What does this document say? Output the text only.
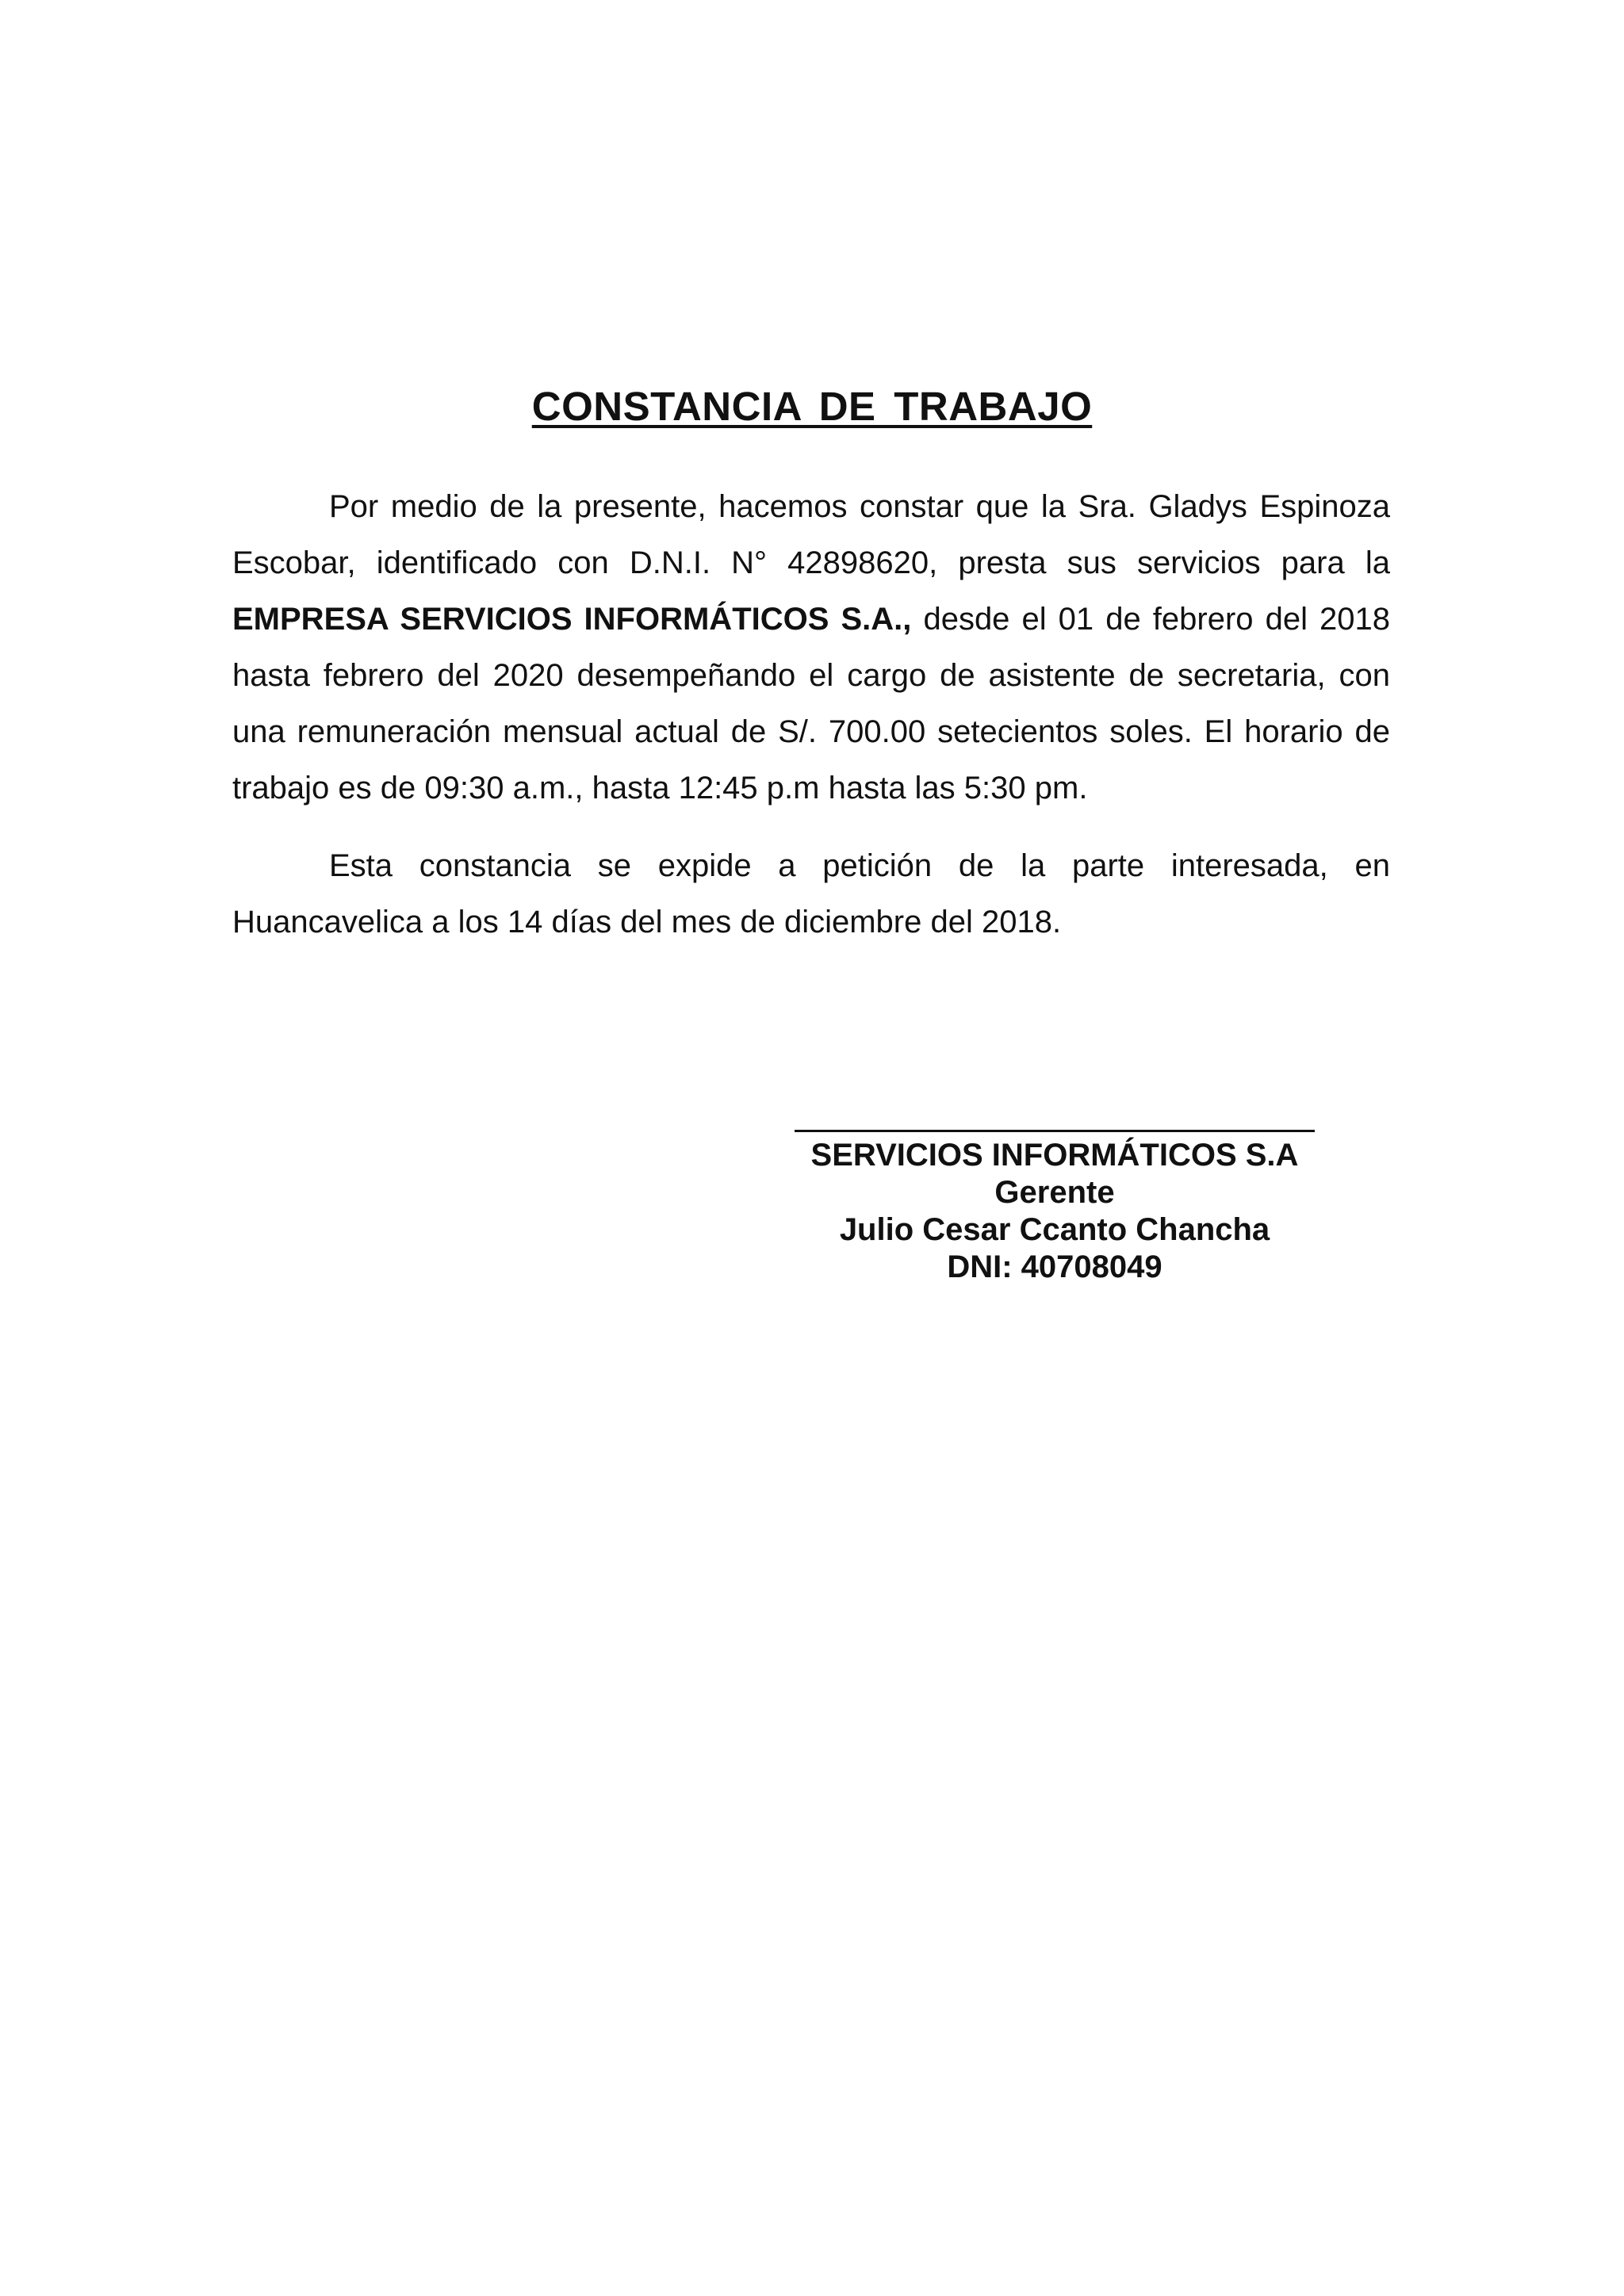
CONSTANCIA DE TRABAJO

Por medio de la presente, hacemos constar que la Sra. Gladys Espinoza Escobar, identificado con D.N.I. N° 42898620, presta sus servicios para la EMPRESA SERVICIOS INFORMÁTICOS S.A., desde el 01 de febrero del 2018 hasta febrero del 2020 desempeñando el cargo de asistente de secretaria, con una remuneración mensual actual de S/. 700.00 setecientos soles. El horario de trabajo es de 09:30 a.m., hasta 12:45 p.m hasta las 5:30 pm.

Esta constancia se expide a petición de la parte interesada, en Huancavelica a los 14 días del mes de diciembre del 2018.

SERVICIOS INFORMÁTICOS S.A

Gerente

Julio Cesar Ccanto Chancha

DNI: 40708049
